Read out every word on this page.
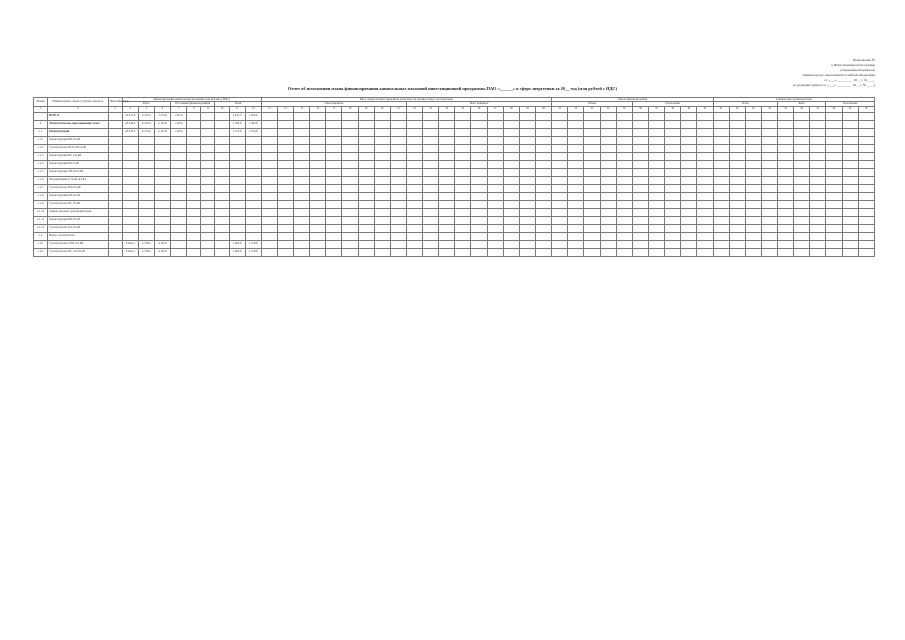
Приложение №
к Инвестиционной программе
утверждённой приказом
Министерства энергетики Российской Федерации
от «___» _________ 20__ г. № ____
(в редакции приказа от «___» _________ 20__ г. № ____)
Отчет об исполнении плана финансирования капитальных вложений инвестиционной программы ПАО «______» в сфере энергетики за 20__ год (млн рублей с НДС)
Номер	Наименование объекта, группы объектов	Идентификатор	Финансирование капитальных вложений, млн рублей (с НДС)									Ввод объектов инвестиционной деятельности (мощностей) в эксплуатацию																		Объем финансирования										Технические характеристики									
			Всего			Источники финансирования			План			План принятия									Факт принятия									Объем					Отклонение					План				Факт			Отклонение		
1	2	3	4	5	6	7	8	9	10	11	12	13	14	15	16	17	18	19	20	21	22	23	24	25	26	27	28	29	30	31	32	33	34	35	36	37	38	39	40	41	42	43	44	45	46	47	48	49	50
	ВСЕГО		12 415,8	9 155,6	3 274,6	1 547,2				2 615,3	1 402,6																																						
0	Технологическое присоединение, всего		10 444,3	8 155,9	2 155,0	1 562,2				1 769,8	1 362,8																																						
1.1	Реконструкция		10 041,5	8 153,6	2 147,8	1 562,2				1 123,8	1 355,8																																						
1.1.1	Реконструкция ВЛ-10 кВ																																																
1.1.2	Строительство КТП 10/0,4 кВ																																																
1.1.3	Реконструкция ПС 110 кВ																																																
1.1.4	Реконструкция КЛ-6 кВ																																																
1.1.5	Реконструкция ТП-6/0,4 кВ																																																
1.1.6	Модернизация устройств РЗА																																																
1.1.7	Строительство ВЛ-0,4 кВ																																																
1.1.8	Реконструкция РП-10 кВ																																																
1.1.9	Строительство ПС 35 кВ																																																
1.1.10	Замена силовых трансформаторов																																																
1.1.11	Реконструкция ВЛ-35 кВ																																																
1.1.12	Строительство КЛ-10 кВ																																																
1.2	Новое строительство																																																
1.2.1	Строительство ЛЭП 110 кВ		8 924,4	4 758,6	4 165,8					1 469,8	1 370,8																																						
1.2.2	Строительство ПС 110/10 кВ		8 924,4	4 758,6	4 165,8					1 469,8	1 370,8																																						
